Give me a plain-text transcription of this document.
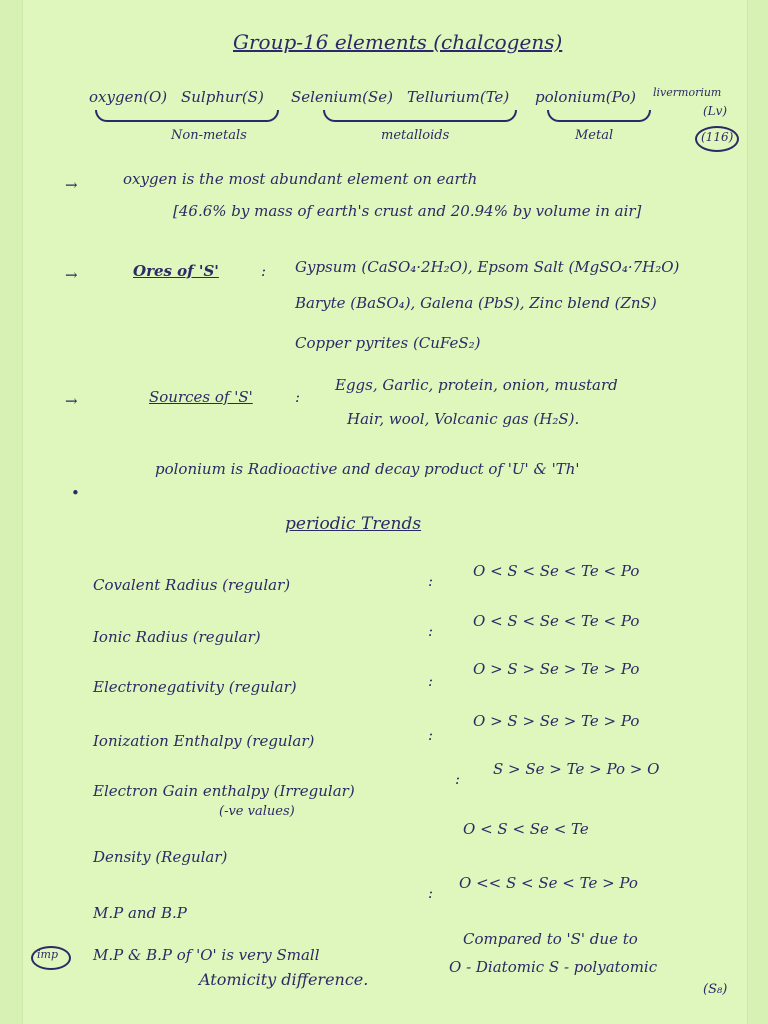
Group-16 elements (chalcogens)
oxygen(O) Sulphur(S) Selenium(Se) Tellurium(Te) polonium(Po) livermorium
(Lv)
Non-metals	metalloids	Metal	(116)
→	oxygen is the most abundant element on earth
[46.6% by mass of earth's crust and 20.94% by volume in air]
→	Ores of 'S'	: Gypsum (CaSO₄·2H₂O), Epsom Salt (MgSO₄·7H₂O)
Baryte (BaSO₄), Galena (PbS), Zinc blend (ZnS)
Copper pyrites (CuFeS₂)
→	Sources of 'S'	:
Eggs, Garlic, protein, onion, mustard
Hair, wool, Volcanic gas (H₂S).
•
polonium is Radioactive and decay product of 'U' & 'Th'
periodic Trends
Covalent Radius (regular)	:
O < S < Se < Te < Po
Ionic Radius (regular)	:
O < S < Se < Te < Po
Electronegativity (regular)	:
O > S > Se > Te > Po
Ionization Enthalpy (regular)	:
O > S > Se > Te > Po
Electron Gain enthalpy (Irregular)
:
S > Se > Te > Po > O
(-ve values)
Density (Regular)
O < S < Se < Te
M.P and B.P
:
O << S < Se < Te > Po
imp M.P & B.P of 'O' is very Small
Compared to 'S' due to
Atomicity difference.
O - Diatomic S - polyatomic
(S₈)
